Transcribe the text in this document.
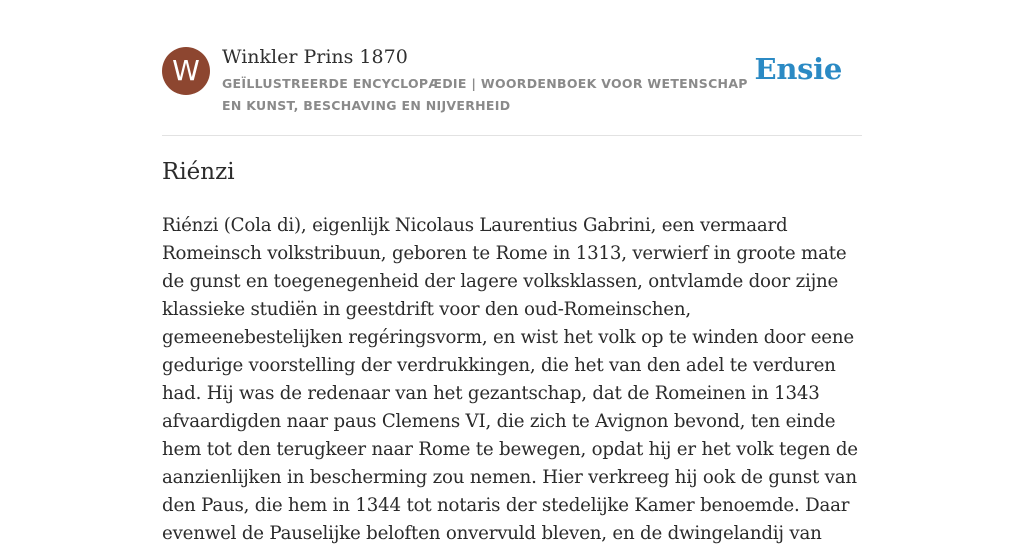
W	Winkler Prins 1870
GEÏLLUSTREERDE ENCYCLOPÆDIE | WOORDENBOEK VOOR WETENSCHAP EN KUNST, BESCHAVING EN NIJVERHEID
Ensie
Riénzi

Riénzi (Cola di), eigenlijk Nicolaus Laurentius Gabrini, een vermaard Romeinsch volkstribuun, geboren te Rome in 1313, verwierf in groote mate de gunst en toegenegenheid der lagere volksklassen, ontvlamde door zijne klassieke studiën in geestdrift voor den oud-Romeinschen, gemeenebestelijken regéringsvorm, en wist het volk op te winden door eene gedurige voorstelling der verdrukkingen, die het van den adel te verduren had. Hij was de redenaar van het gezantschap, dat de Romeinen in 1343 afvaardigden naar paus Clemens VI, die zich te Avignon bevond, ten einde hem tot den terugkeer naar Rome te bewegen, opdat hij er het volk tegen de aanzienlijken in bescherming zou nemen. Hier verkreeg hij ook de gunst van den Paus, die hem in 1344 tot notaris der stedelijke Kamer benoemde. Daar evenwel de Pauselijke beloften onvervuld bleven, en de dwingelandij van
